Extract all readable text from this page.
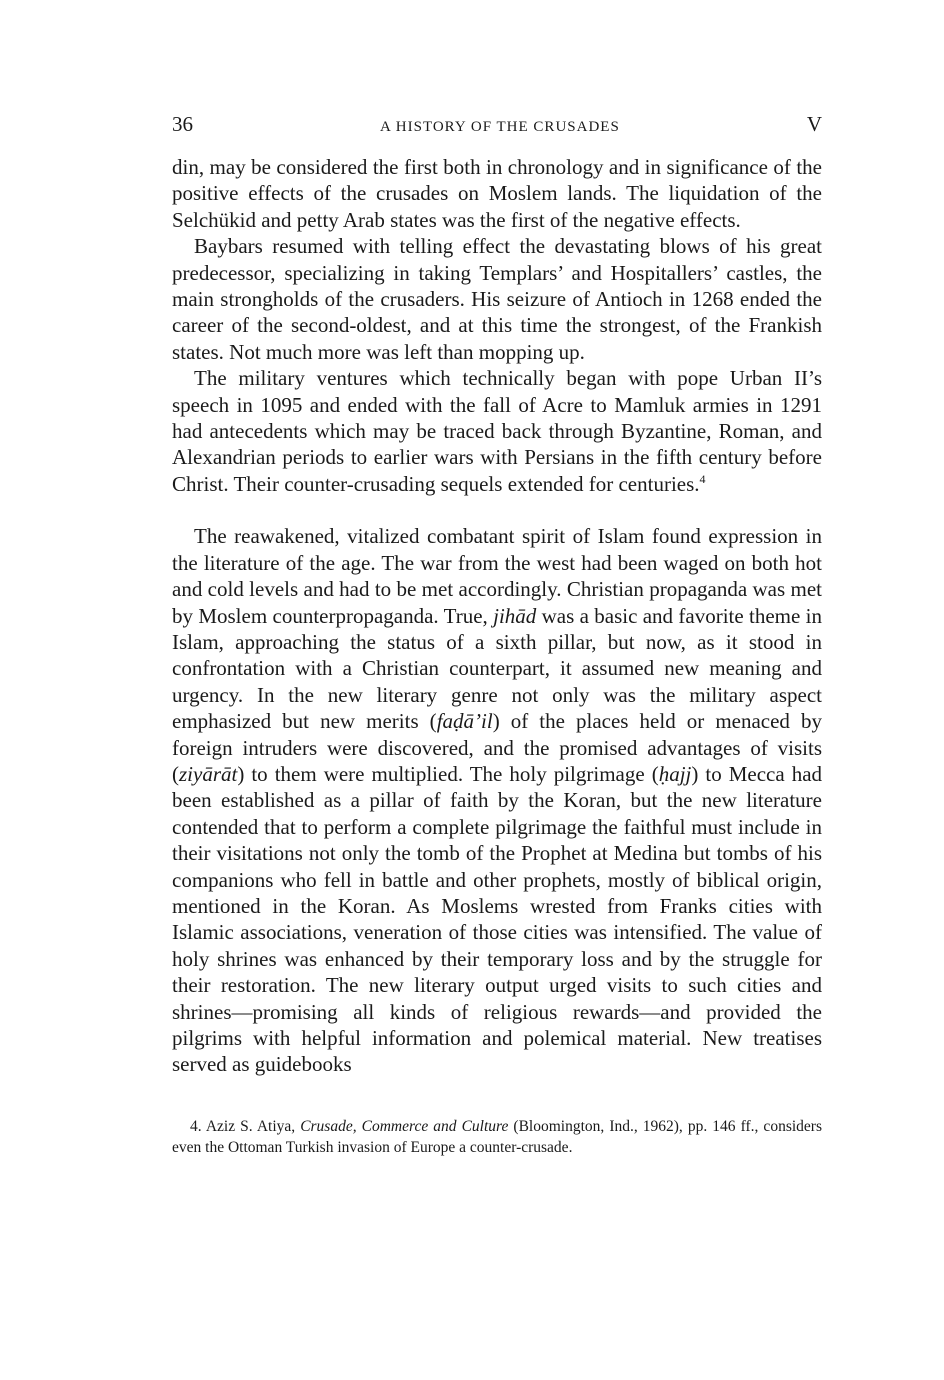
36	A HISTORY OF THE CRUSADES	V

din, may be considered the first both in chronology and in significance of the positive effects of the crusades on Moslem lands. The liquidation of the Selchükid and petty Arab states was the first of the negative effects.

Baybars resumed with telling effect the devastating blows of his great predecessor, specializing in taking Templars’ and Hospitallers’ castles, the main strongholds of the crusaders. His seizure of Antioch in 1268 ended the career of the second-oldest, and at this time the strongest, of the Frankish states. Not much more was left than mopping up.

The military ventures which technically began with pope Urban II’s speech in 1095 and ended with the fall of Acre to Mamluk armies in 1291 had antecedents which may be traced back through Byzantine, Roman, and Alexandrian periods to earlier wars with Persians in the fifth century before Christ. Their counter-crusading sequels extended for centuries.$^4$

The reawakened, vitalized combatant spirit of Islam found expression in the literature of the age. The war from the west had been waged on both hot and cold levels and had to be met accordingly. Christian propaganda was met by Moslem counterpropaganda. True, jihād was a basic and favorite theme in Islam, approaching the status of a sixth pillar, but now, as it stood in confrontation with a Christian counterpart, it assumed new meaning and urgency. In the new literary genre not only was the military aspect emphasized but new merits (faḍā’il) of the places held or menaced by foreign intruders were discovered, and the promised advantages of visits (ziyārāt) to them were multiplied. The holy pilgrimage (ḥajj) to Mecca had been established as a pillar of faith by the Koran, but the new literature contended that to perform a complete pilgrimage the faithful must include in their visitations not only the tomb of the Prophet at Medina but tombs of his companions who fell in battle and other prophets, mostly of biblical origin, mentioned in the Koran. As Moslems wrested from Franks cities with Islamic associations, veneration of those cities was intensified. The value of holy shrines was enhanced by their temporary loss and by the struggle for their restoration. The new literary output urged visits to such cities and shrines—promising all kinds of religious rewards—and provided the pilgrims with helpful information and polemical material. New treatises served as guidebooks

4. Aziz S. Atiya, Crusade, Commerce and Culture (Bloomington, Ind., 1962), pp. 146 ff., considers even the Ottoman Turkish invasion of Europe a counter-crusade.
